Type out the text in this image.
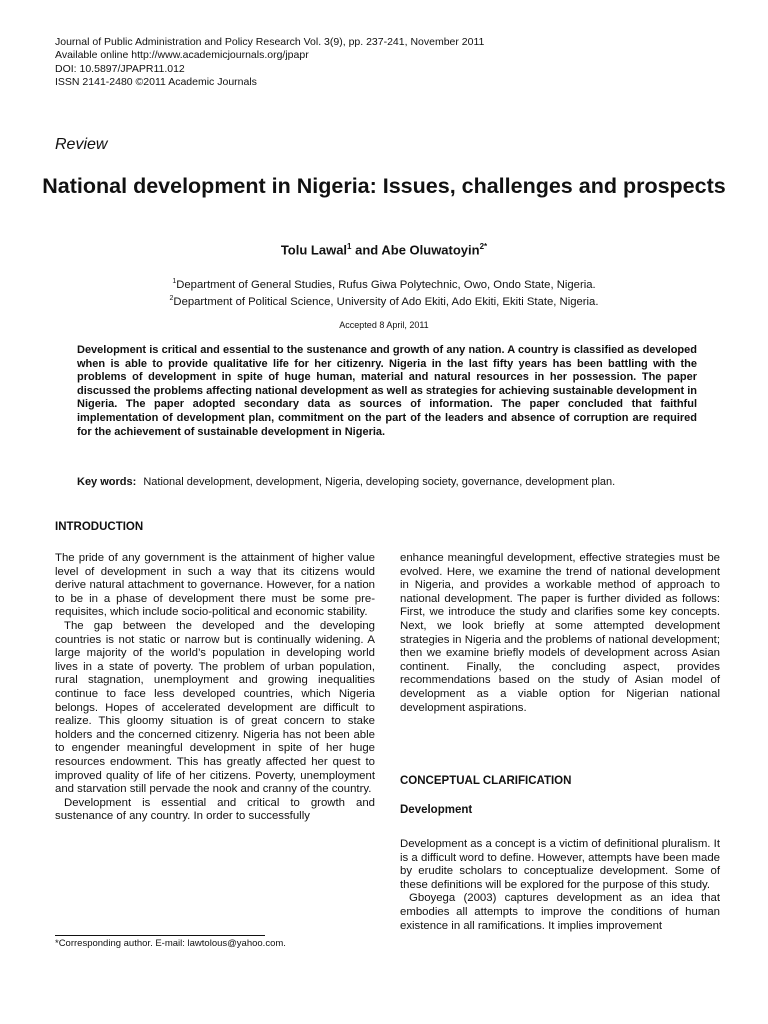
Journal of Public Administration and Policy Research Vol. 3(9), pp. 237-241, November 2011
Available online http://www.academicjournals.org/jpapr
DOI: 10.5897/JPAPR11.012
ISSN 2141-2480 ©2011 Academic Journals
Review
National development in Nigeria: Issues, challenges and prospects
Tolu Lawal$^1$ and Abe Oluwatoyin$^{2*}$
$^1$Department of General Studies, Rufus Giwa Polytechnic, Owo, Ondo State, Nigeria.
$^2$Department of Political Science, University of Ado Ekiti, Ado Ekiti, Ekiti State, Nigeria.
Accepted 8 April, 2011
Development is critical and essential to the sustenance and growth of any nation. A country is classified as developed when is able to provide qualitative life for her citizenry. Nigeria in the last fifty years has been battling with the problems of development in spite of huge human, material and natural resources in her possession. The paper discussed the problems affecting national development as well as strategies for achieving sustainable development in Nigeria. The paper adopted secondary data as sources of information. The paper concluded that faithful implementation of development plan, commitment on the part of the leaders and absence of corruption are required for the achievement of sustainable development in Nigeria.
Key words: National development, development, Nigeria, developing society, governance, development plan.
INTRODUCTION

The pride of any government is the attainment of higher value level of development in such a way that its citizens would derive natural attachment to governance. However, for a nation to be in a phase of development there must be some pre-requisites, which include socio-political and economic stability.

The gap between the developed and the developing countries is not static or narrow but is continually widening. A large majority of the world’s population in developing world lives in a state of poverty. The problem of urban population, rural stagnation, unemployment and growing inequalities continue to face less developed countries, which Nigeria belongs. Hopes of accelerated development are difficult to realize. This gloomy situation is of great concern to stake holders and the concerned citizenry. Nigeria has not been able to engender meaningful development in spite of her huge resources endowment. This has greatly affected her quest to improved quality of life of her citizens. Poverty, unemployment and starvation still pervade the nook and cranny of the country.

Development is essential and critical to growth and sustenance of any country. In order to successfully

enhance meaningful development, effective strategies must be evolved. Here, we examine the trend of national development in Nigeria, and provides a workable method of approach to national development. The paper is further divided as follows: First, we introduce the study and clarifies some key concepts. Next, we look briefly at some attempted development strategies in Nigeria and the problems of national development; then we examine briefly models of development across Asian continent. Finally, the concluding aspect, provides recommendations based on the study of Asian model of development as a viable option for Nigerian national development aspirations.

CONCEPTUAL CLARIFICATION
Development

Development as a concept is a victim of definitional pluralism. It is a difficult word to define. However, attempts have been made by erudite scholars to conceptualize development. Some of these definitions will be explored for the purpose of this study.

Gboyega (2003) captures development as an idea that embodies all attempts to improve the conditions of human existence in all ramifications. It implies improvement

*Corresponding author. E-mail: lawtolous@yahoo.com.
